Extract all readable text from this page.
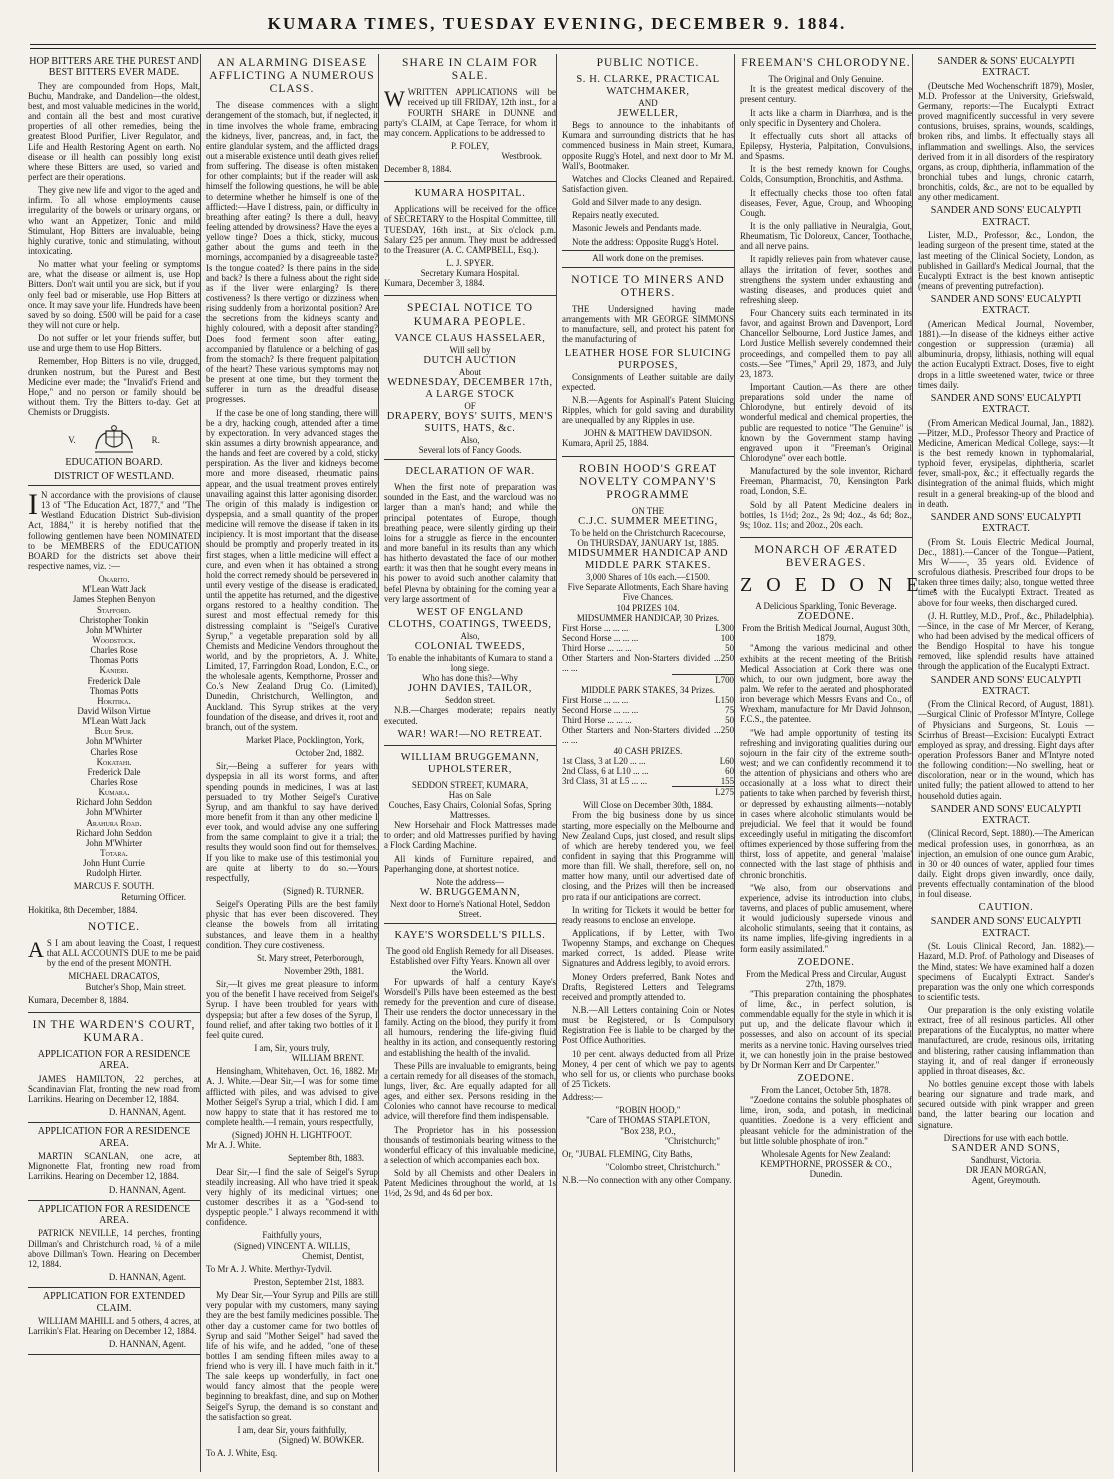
KUMARA TIMES, TUESDAY EVENING, DECEMBER 9. 1884.
HOP BITTERS ARE THE PUREST AND BEST BITTERS EVER MADE.

They are compounded from Hops, Malt, Buchu, Mandrake, and Dandelion—the oldest, best, and most valuable medicines in the world, and contain all the best and most curative properties of all other remedies, being the greatest Blood Purifier, Liver Regulator, and Life and Health Restoring Agent on earth. No disease or ill health can possibly long exist where these Bitters are used, so varied and perfect are their operations.

They give new life and vigor to the aged and infirm. To all whose employments cause irregularity of the bowels or urinary organs, or who want an Appetizer, Tonic and mild Stimulant, Hop Bitters are invaluable, being highly curative, tonic and stimulating, without intoxicating.

No matter what your feeling or symptoms are, what the disease or ailment is, use Hop Bitters. Don't wait until you are sick, but if you only feel bad or miserable, use Hop Bitters at once. It may save your life. Hundreds have been saved by so doing. £500 will be paid for a case they will not cure or help.

Do not suffer or let your friends suffer, but use and urge them to use Hop Bitters.

Remember, Hop Bitters is no vile, drugged, drunken nostrum, but the Purest and Best Medicine ever made; the "Invalid's Friend and Hope," and no person or family should be without them. Try the Bitters to-day. Get at Chemists or Druggists.

V.	R.
EDUCATION BOARD.
DISTRICT OF WESTLAND.

I N accordance with the provisions of clause 13 of "The Education Act, 1877," and "The Westland Education District Sub-division Act, 1884," it is hereby notified that the following gentlemen have been NOMINATED to be MEMBERS of the EDUCATION BOARD for the districts set above their respective names, viz. :—

Okarito.

M'Lean Watt Jack

James Stephen Benyon

Stafford.

Christopher Tonkin

John M'Whirter

Woodstock.

Charles Rose

Thomas Potts

Kanieri.

Frederick Dale

Thomas Potts

Hokitika.

David Wilson Virtue

M'Lean Watt Jack

Blue Spur.

John M'Whirter

Charles Rose

Kokatahi.

Frederick Dale

Charles Rose

Kumara.

Richard John Seddon

John M'Whirter

Arahura Road.

Richard John Seddon

John M'Whirter

Totara.

John Hunt Currie

Rudolph Hirter.

MARCUS F. SOUTH.

Returning Officer.

Hokitika, 8th December, 1884.

NOTICE.

A S I am about leaving the Coast, I request that ALL ACCOUNTS DUE to me be paid by the end of the present MONTH.

MICHAEL DRACATOS,

Butcher's Shop, Main street.

Kumara, December 8, 1884.

IN THE WARDEN'S COURT, KUMARA.
APPLICATION FOR A RESIDENCE AREA.

JAMES HAMILTON, 22 perches, at Scandinavian Flat, fronting the new road from Larrikins. Hearing on December 12, 1884.

D. HANNAN, Agent.

APPLICATION FOR A RESIDENCE AREA.

MARTIN SCANLAN, one acre, at Mignonette Flat, fronting new road from Larrikins. Hearing on December 12, 1884.

D. HANNAN, Agent.

APPLICATION FOR A RESIDENCE AREA.

PATRICK NEVILLE, 14 perches, fronting Dillman's and Christchurch road, ¼ of a mile above Dillman's Town. Hearing on December 12, 1884.

D. HANNAN, Agent.

APPLICATION FOR EXTENDED CLAIM.

WILLIAM MAHILL and 5 others, 4 acres, at Larrikin's Flat. Hearing on December 12, 1884.

D. HANNAN, Agent.

AN ALARMING DISEASE AFFLICTING A NUMEROUS CLASS.

The disease commences with a slight derangement of the stomach, but, if neglected, it in time involves the whole frame, embracing the kidneys, liver, pancreas, and, in fact, the entire glandular system, and the afflicted drags out a miserable existence until death gives relief from suffering. The disease is often mistaken for other complaints; but if the reader will ask himself the following questions, he will be able to determine whether he himself is one of the afflicted:—Have I distress, pain, or difficulty in breathing after eating? Is there a dull, heavy feeling attended by drowsiness? Have the eyes a yellow tinge? Does a thick, sticky, mucous gather about the gums and teeth in the mornings, accompanied by a disagreeable taste? Is the tongue coated? Is there pains in the side and back? Is there a fulness about the right side as if the liver were enlarging? Is there costiveness? Is there vertigo or dizziness when rising suddenly from a horizontal position? Are the secretions from the kidneys scanty and highly coloured, with a deposit after standing? Does food ferment soon after eating, accompanied by flatulence or a belching of gas from the stomach? Is there frequent palpitation of the heart? These various symptoms may not be present at one time, but they torment the sufferer in turn as the dreadful disease progresses.

If the case be one of long standing, there will be a dry, hacking cough, attended after a time by expectoration. In very advanced stages the skin assumes a dirty brownish appearance, and the hands and feet are covered by a cold, sticky perspiration. As the liver and kidneys become more and more diseased, rheumatic pains appear, and the usual treatment proves entirely unavailing against this latter agonising disorder. The origin of this malady is indigestion or dyspepsia, and a small quantity of the proper medicine will remove the disease if taken in its incipiency. It is most important that the disease should be promptly and properly treated in its first stages, when a little medicine will effect a cure, and even when it has obtained a strong hold the correct remedy should be persevered in until every vestige of the disease is eradicated, until the appetite has returned, and the digestive organs restored to a healthy condition. The surest and most effectual remedy for this distressing complaint is "Seigel's Curative Syrup," a vegetable preparation sold by all Chemists and Medicine Vendors throughout the world, and by the proprietors, A. J. White, Limited, 17, Farringdon Road, London, E.C., or the wholesale agents, Kempthorne, Prosser and Co.'s New Zealand Drug Co. (Limited), Dunedin, Christchurch, Wellington, and Auckland. This Syrup strikes at the very foundation of the disease, and drives it, root and branch, out of the system.

Market Place, Pocklington, York,

October 2nd, 1882.

Sir,—Being a sufferer for years with dyspepsia in all its worst forms, and after spending pounds in medicines, I was at last persuaded to try Mother Seigel's Curative Syrup, and am thankful to say have derived more benefit from it than any other medicine I ever took, and would advise any one suffering from the same complaint to give it a trial; the results they would soon find out for themselves. If you like to make use of this testimonial you are quite at liberty to do so.—Yours respectfully,

(Signed) R. TURNER.

Seigel's Operating Pills are the best family physic that has ever been discovered. They cleanse the bowels from all irritating substances, and leave them in a healthy condition. They cure costiveness.

St. Mary street, Peterborough,

November 29th, 1881.

Sir,—It gives me great pleasure to inform you of the benefit I have received from Seigel's Syrup. I have been troubled for years with dyspepsia; but after a few doses of the Syrup, I found relief, and after taking two bottles of it I feel quite cured.

I am, Sir, yours truly,

WILLIAM BRENT.

Hensingham, Whitehaven, Oct. 16, 1882. Mr A. J. White.—Dear Sir,—I was for some time afflicted with piles, and was advised to give Mother Seigel's Syrup a trial, which I did. I am now happy to state that it has restored me to complete health.—I remain, yours respectfully,

(Signed) JOHN H. LIGHTFOOT.

Mr A. J. White.

September 8th, 1883.

Dear Sir,—I find the sale of Seigel's Syrup steadily increasing. All who have tried it speak very highly of its medicinal virtues; one customer describes it as a "God-send to dyspeptic people." I always recommend it with confidence.

Faithfully yours,

(Signed) VINCENT A. WILLIS,

Chemist, Dentist,

To Mr A. J. White. Merthyr-Tydvil.

Preston, September 21st, 1883.

My Dear Sir,—Your Syrup and Pills are still very popular with my customers, many saying they are the best family medicines possible. The other day a customer came for two bottles of Syrup and said "Mother Seigel" had saved the life of his wife, and he added, "one of these bottles I am sending fifteen miles away to a friend who is very ill. I have much faith in it." The sale keeps up wonderfully, in fact one would fancy almost that the people were beginning to breakfast, dine, and sup on Mother Seigel's Syrup, the demand is so constant and the satisfaction so great.

I am, dear Sir, yours faithfully,

(Signed) W. BOWKER.

To A. J. White, Esq.

SHARE IN CLAIM FOR SALE.

WWRITTEN APPLICATIONS will be received up till FRIDAY, 12th inst., for a FOURTH SHARE in DUNNE and party's CLAIM, at Cape Terrace, for whom it may concern. Applications to be addressed to

P. FOLEY,

Westbrook.

December 8, 1884.

KUMARA HOSPITAL.

Applications will be received for the office of SECRETARY to the Hospital Committee, till TUESDAY, 16th inst., at Six o'clock p.m. Salary £25 per annum. They must be addressed to the Treasurer (A. C. CAMPBELL, Esq.).

L. J. SPYER.

Secretary Kumara Hospital.

Kumara, December 3, 1884.

SPECIAL NOTICE TO KUMARA PEOPLE.

VANCE CLAUS HASSELAER,

Will sell by

DUTCH AUCTION

About

WEDNESDAY, DECEMBER 17th,

A LARGE STOCK

OF

DRAPERY, BOYS' SUITS, MEN'S

SUITS, HATS, &c.

Also,

Several lots of Fancy Goods.

DECLARATION OF WAR.

When the first note of preparation was sounded in the East, and the warcloud was no larger than a man's hand; and while the principal potentates of Europe, though breathing peace, were silently girding up their loins for a struggle as fierce in the encounter and more baneful in its results than any which has hitherto devastated the face of our mother earth: it was then that he sought every means in his power to avoid such another calamity that befel Plevna by obtaining for the coming year a very large assortment of

WEST OF ENGLAND

CLOTHS, COATINGS, TWEEDS,

Also,

COLONIAL TWEEDS,

To enable the inhabitants of Kumara to stand a long siege.

Who has done this?—Why

JOHN DAVIES, TAILOR,

Seddon street.

N.B.—Charges moderate; repairs neatly executed.

WAR! WAR!—NO RETREAT.

WILLIAM BRUGGEMANN, UPHOLSTERER,

SEDDON STREET, KUMARA,

Has on Sale

Couches, Easy Chairs, Colonial Sofas, Spring Mattresses.

New Horsehair and Flock Mattresses made to order; and old Mattresses purified by having a Flock Carding Machine.

All kinds of Furniture repaired, and Paperhanging done, at shortest notice.

Note the address—

W. BRUGGEMANN,

Next door to Horne's National Hotel, Seddon Street.

KAYE'S WORSDELL'S PILLS.

The good old English Remedy for all Diseases.

Established over Fifty Years. Known all over the World.

For upwards of half a century Kaye's Worsdell's Pills have been esteemed as the best remedy for the prevention and cure of disease. Their use renders the doctor unnecessary in the family. Acting on the blood, they purify it from all humours, rendering the life-giving fluid healthy in its action, and consequently restoring and establishing the health of the invalid.

These Pills are invaluable to emigrants, being a certain remedy for all diseases of the stomach, lungs, liver, &c. Are equally adapted for all ages, and either sex. Persons residing in the Colonies who cannot have recourse to medical advice, will therefore find them indispensable.

The Proprietor has in his possession thousands of testimonials bearing witness to the wonderful efficacy of this invaluable medicine, a selection of which accompanies each box.

Sold by all Chemists and other Dealers in Patent Medicines throughout the world, at 1s 1½d, 2s 9d, and 4s 6d per box.

PUBLIC NOTICE.

S. H. CLARKE, PRACTICAL WATCHMAKER,

AND

JEWELLER,

Begs to announce to the inhabitants of Kumara and surrounding districts that he has commenced business in Main street, Kumara, opposite Rugg's Hotel, and next door to Mr M. Wall's, Bootmaker.

Watches and Clocks Cleaned and Repaired. Satisfaction given.

Gold and Silver made to any design.

Repairs neatly executed.

Masonic Jewels and Pendants made.

Note the address: Opposite Rugg's Hotel.

All work done on the premises.

NOTICE TO MINERS AND OTHERS.

THE Undersigned having made arrangements with MR GEORGE SIMMONS to manufacture, sell, and protect his patent for the manufacturing of

LEATHER HOSE FOR SLUICING PURPOSES,

Consignments of Leather suitable are daily expected.

N.B.—Agents for Aspinall's Patent Sluicing Ripples, which for gold saving and durability are unequalled by any Ripples in use.

JOHN & MATTHEW DAVIDSON.

Kumara, April 25, 1884.

ROBIN HOOD'S GREAT NOVELTY COMPANY'S PROGRAMME

ON THE

C.J.C. SUMMER MEETING,

To be held on the Christchurch Racecourse,

On THURSDAY, JANUARY 1st, 1885.

MIDSUMMER HANDICAP AND MIDDLE PARK STAKES.

3,000 Shares of 10s each.—£1500.

Five Separate Allotments, Each Share having Five Chances.

104 PRIZES 104.

MIDSUMMER HANDICAP, 30 Prizes.

First Horse ... ... ...	L300
Second Horse ... ... ...	100
Third Horse ... ... ...	50
Other Starters and Non-Starters divided ... ... ...
250
L700

MIDDLE PARK STAKES, 34 Prizes.

First Horse ... ... ...	L150
Second Horse ... ... ...	75
Third Horse ... ... ...	50
Other Starters and Non-Starters divided ... ... ...
250

40 CASH PRIZES.

1st Class, 3 at L20 ... ...	L60
2nd Class, 6 at L10 ... ...	60
3rd Class, 31 at L5 ... ...	155
L275

Will Close on December 30th, 1884.

From the big business done by us since starting, more especially on the Melbourne and New Zealand Cups, just closed, and result slips of which are hereby tendered you, we feel confident in saying that this Programme will more than fill. We shall, therefore, sell on, no matter how many, until our advertised date of closing, and the Prizes will then be increased pro rata if our anticipations are correct.

In writing for Tickets it would be better for ready reasons to enclose an envelope.

Applications, if by Letter, with Two Twopenny Stamps, and exchange on Cheques marked correct, 1s added. Please write Signatures and Address legibly, to avoid errors.

Money Orders preferred, Bank Notes and Drafts, Registered Letters and Telegrams received and promptly attended to.

N.B.—All Letters containing Coin or Notes must be Registered, or Is Compulsory Registration Fee is liable to be charged by the Post Office Authorities.

10 per cent. always deducted from all Prize Money, 4 per cent of which we pay to agents who sell for us, or clients who purchase books of 25 Tickets.

Address:—

"ROBIN HOOD,"

"Care of THOMAS STAPLETON,

"Box 238, P.O.,

"Christchurch;"

Or, "JUBAL FLEMING, City Baths,

"Colombo street, Christchurch."

N.B.—No connection with any other Company.

FREEMAN'S CHLORODYNE.

The Original and Only Genuine.

It is the greatest medical discovery of the present century.

It acts like a charm in Diarrhœa, and is the only specific in Dysentery and Cholera.

It effectually cuts short all attacks of Epilepsy, Hysteria, Palpitation, Convulsions, and Spasms.

It is the best remedy known for Coughs, Colds, Consumption, Bronchitis, and Asthma.

It effectually checks those too often fatal diseases, Fever, Ague, Croup, and Whooping Cough.

It is the only palliative in Neuralgia, Gout, Rheumatism, Tic Doloreux, Cancer, Toothache, and all nerve pains.

It rapidly relieves pain from whatever cause, allays the irritation of fever, soothes and strengthens the system under exhausting and wasting diseases, and produces quiet and refreshing sleep.

Four Chancery suits each terminated in its favor, and against Brown and Davenport, Lord Chancellor Selbourne, Lord Justice James, and Lord Justice Mellish severely condemned their proceedings, and compelled them to pay all costs.—See "Times," April 29, 1873, and July 23, 1873.

Important Caution.—As there are other preparations sold under the name of Chlorodyne, but entirely devoid of its wonderful medical and chemical properties, the public are requested to notice "The Genuine" is known by the Government stamp having engraved upon it "Freeman's Original Chlorodyne" over each bottle.

Manufactured by the sole inventor, Richard Freeman, Pharmacist, 70, Kensington Park road, London, S.E.

Sold by all Patent Medicine dealers in bottles, 1s 1½d; 2oz., 2s 9d; 4oz., 4s 6d; 8oz., 9s; 10oz. 11s; and 20oz., 20s each.

MONARCH OF ÆRATED BEVERAGES.
ZOEDONE.

A Delicious Sparkling, Tonic Beverage.

ZOEDONE.

From the British Medical Journal, August 30th, 1879.

"Among the various medicinal and other exhibits at the recent meeting of the British Medical Association at Cork there was one which, to our own judgment, bore away the palm. We refer to the aerated and phosphorated iron beverage which Messrs Evans and Co., of Wrexham, manufacture for Mr David Johnson, F.C.S., the patentee.

"We had ample opportunity of testing its refreshing and invigorating qualities during our sojourn in the fair city of the extreme south-west; and we can confidently recommend it to the attention of physicians and others who are occasionally at a loss what to direct their patients to take when parched by feverish thirst, or depressed by exhausting ailments—notably in cases where alcoholic stimulants would be prejudicial. We feel that it would be found exceedingly useful in mitigating the discomfort oftimes experienced by those suffering from the thirst, loss of appetite, and general 'malaise' connected with the last stage of phthisis and chronic bronchitis.

"We also, from our observations and experience, advise its introduction into clubs, taverns, and places of public amusement, where it would judiciously supersede vinous and alcoholic stimulants, seeing that it contains, as its name implies, life-giving ingredients in a form easily assimilated."

ZOEDONE.

From the Medical Press and Circular, August 27th, 1879.

"This preparation containing the phosphates of lime, &c., in perfect solution, is commendable equally for the style in which it is put up, and the delicate flavour which it possesses, and also on account of its special merits as a nervine tonic. Having ourselves tried it, we can honestly join in the praise bestowed by Dr Norman Kerr and Dr Carpenter."

ZOEDONE.

From the Lancet, October 5th, 1878.

"Zoedone contains the soluble phosphates of lime, iron, soda, and potash, in medicinal quantities. Zoedone is a very efficient and pleasant vehicle for the administration of the but little soluble phosphate of iron."

Wholesale Agents for New Zealand:

KEMPTHORNE, PROSSER & CO.,

Dunedin.

SANDER & SONS' EUCALYPTI EXTRACT.

(Deutsche Med Wochenschrift 1879), Mosler, M.D. Professor at the University, Griefswald, Germany, reports:—The Eucalypti Extract proved magnificently successful in very severe contusions, bruises, sprains, wounds, scaldings, broken ribs, and limbs. It effectually stays all inflammation and swellings. Also, the services derived from it in all disorders of the respiratory organs, as croup, diphtheria, inflammation of the bronchial tubes and lungs, chronic catarrh, bronchitis, colds, &c., are not to be equalled by any other medicament.

SANDER AND SONS' EUCALYPTI EXTRACT.

Lister, M.D., Professor, &c., London, the leading surgeon of the present time, stated at the last meeting of the Clinical Society, London, as published in Gaillard's Medical Journal, that the Eucalypti Extract is the best known antiseptic (means of preventing putrefaction).

SANDER AND SONS' EUCALYPTI EXTRACT.

(American Medical Journal, November, 1881).—In disease of the kidneys either active congestion or suppression (uræmia) all albuminuria, dropsy, lithiasis, nothing will equal the action Eucalypti Extract. Doses, five to eight drops in a little sweetened water, twice or three times daily.

SANDER AND SONS' EUCALYPTI EXTRACT.

(From American Medical Journal, Jan., 1882).—Pitzer, M.D., Professor Theory and Practice of Medicine, American Medical College, says:—It is the best remedy known in typhomalarial, typhoid fever, erysipelas, diphtheria, scarlet fever, small-pox, &c.; it effectually regards the disintegration of the animal fluids, which might result in a general breaking-up of the blood and in death.

SANDER AND SONS' EUCALYPTI EXTRACT.

(From St. Louis Electric Medical Journal, Dec., 1881).—Cancer of the Tongue—Patient, Mrs W——, 35 years old. Evidence of scrofulous diathesis. Prescribed four drops to be taken three times daily; also, tongue wetted three times with the Eucalypti Extract. Treated as above for four weeks, then discharged cured.

(J. H. Ruttley, M.D., Prof., &c., Philadelphia).—Since, in the case of Mr Mercer, of Kerang, who had been advised by the medical officers of the Bendigo Hospital to have his tongue removed, like splendid results have attained through the application of the Eucalypti Extract.

SANDER AND SONS' EUCALYPTI EXTRACT.

(From the Clinical Record, of August, 1881).—Surgical Clinic of Professor M'Intyre, College of Physicians and Surgeons, St. Louis — Scirrhus of Breast—Excision: Eucalypti Extract employed as spray, and dressing. Eight days after operation Professors Baner and M'Intyre noted the following condition:—No swelling, heat or discoloration, near or in the wound, which has united fully; the patient allowed to attend to her household duties again.

SANDER AND SONS' EUCALYPTI EXTRACT.

(Clinical Record, Sept. 1880).—The American medical profession uses, in gonorrhœa, as an injection, an emulsion of one ounce gum Arabic, in 30 or 40 ounces of water, applied four times daily. Eight drops given inwardly, once daily, prevents effectually contamination of the blood in foul disease.

CAUTION.
SANDER AND SONS' EUCALYPTI EXTRACT.

(St. Louis Clinical Record, Jan. 1882).—Hazard, M.D. Prof. of Pathology and Diseases of the Mind, states: We have examined half a dozen specimens of Eucalypti Extract. Sander's preparation was the only one which corresponds to scientific tests.

Our preparation is the only existing volatile extract, free of all resinous particles. All other preparations of the Eucalyptus, no matter where manufactured, are crude, resinous oils, irritating and blistering, rather causing inflammation than staying it, and of real danger if erroneously applied in throat diseases, &c.

No bottles genuine except those with labels bearing our signature and trade mark, and secured outside with pink wrapper and green band, the latter bearing our location and signature.

Directions for use with each bottle.

SANDER AND SONS,

Sandhurst, Victoria.

DR JEAN MORGAN,

Agent, Greymouth.
